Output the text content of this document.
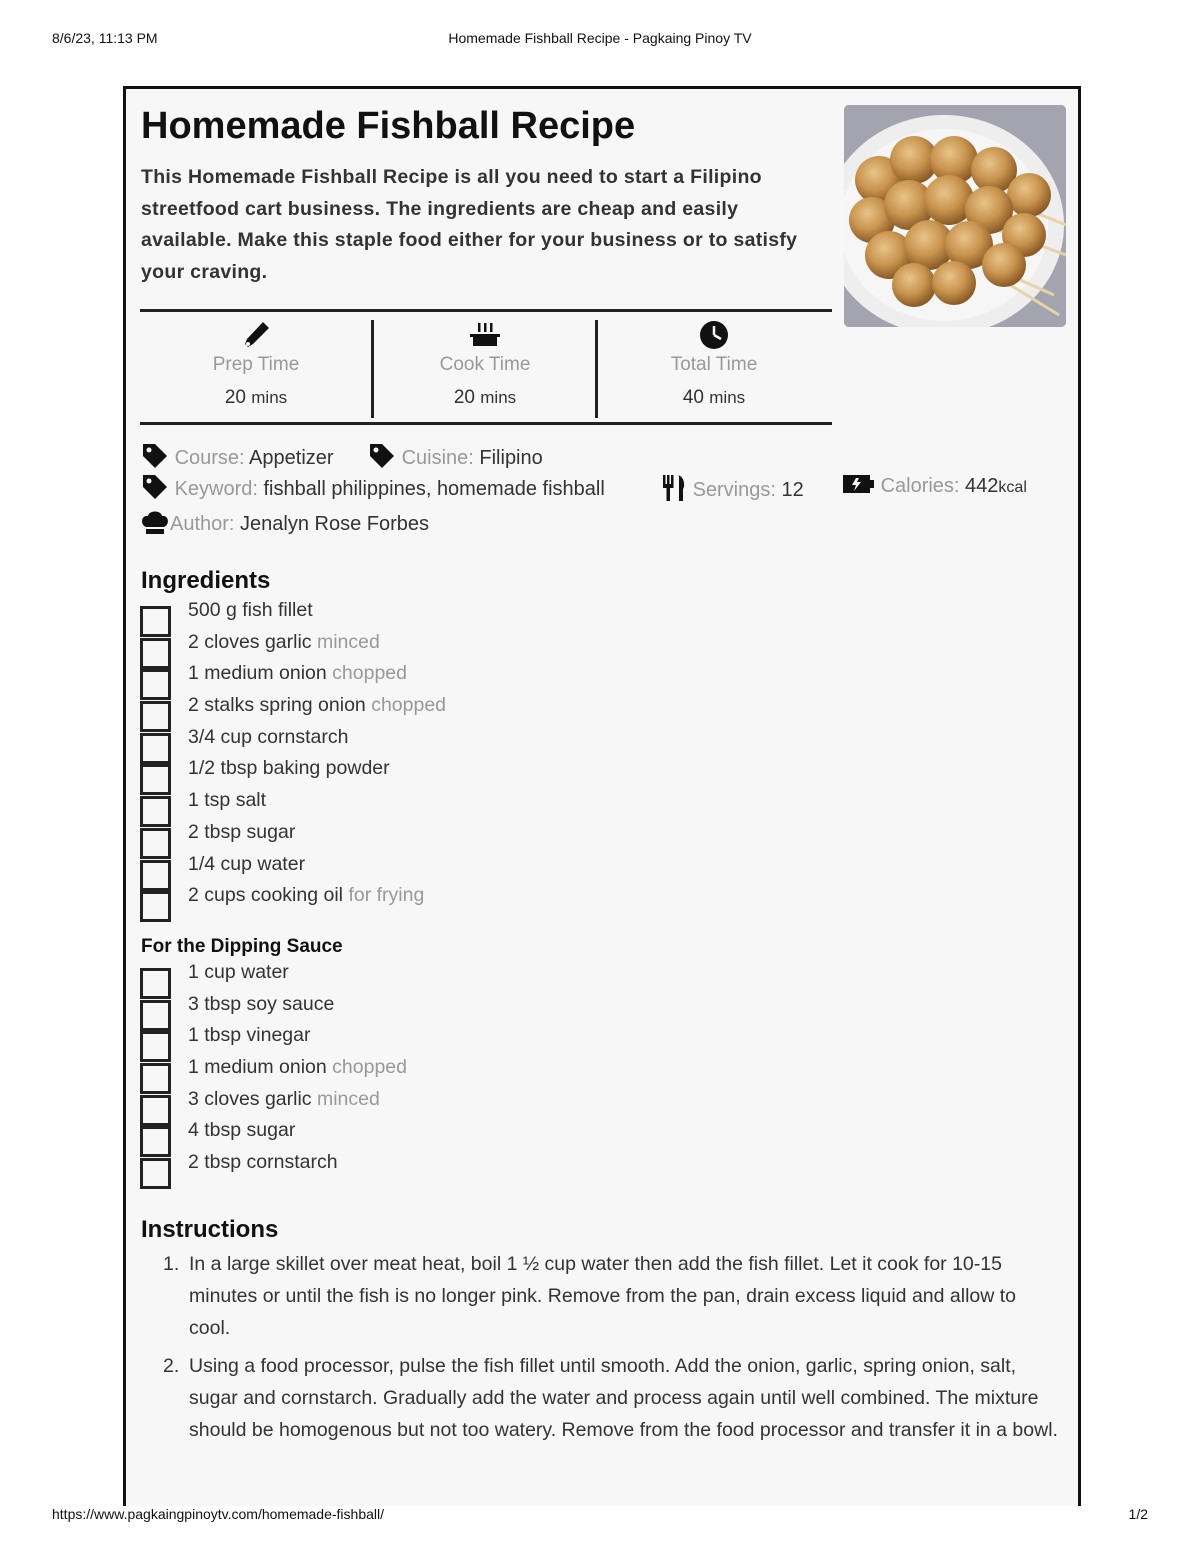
8/6/23, 11:13 PM	Homemade Fishball Recipe - Pagkaing Pinoy TV
Homemade Fishball Recipe

This Homemade Fishball Recipe is all you need to start a Filipino streetfood cart business. The ingredients are cheap and easily available. Make this staple food either for your business or to satisfy your craving.

Prep Time
20 mins
Cook Time
20 mins
Total Time
40 mins
Course: Appetizer	Cuisine: Filipino
Keyword: fishball philippines, homemade fishball	Servings: 12	Calories: 442kcal
Author: Jenalyn Rose Forbes
Ingredients
500 g fish fillet
2 cloves garlic minced
1 medium onion chopped
2 stalks spring onion chopped
3/4 cup cornstarch
1/2 tbsp baking powder
1 tsp salt
2 tbsp sugar
1/4 cup water
2 cups cooking oil for frying
For the Dipping Sauce
1 cup water
3 tbsp soy sauce
1 tbsp vinegar
1 medium onion chopped
3 cloves garlic minced
4 tbsp sugar
2 tbsp cornstarch
Instructions
1. In a large skillet over meat heat, boil 1 ½ cup water then add the fish fillet. Let it cook for 10-15 minutes or until the fish is no longer pink. Remove from the pan, drain excess liquid and allow to cool.
2. Using a food processor, pulse the fish fillet until smooth. Add the onion, garlic, spring onion, salt, sugar and cornstarch. Gradually add the water and process again until well combined. The mixture should be homogenous but not too watery. Remove from the food processor and transfer it in a bowl.
https://www.pagkaingpinoytv.com/homemade-fishball/	1/2
